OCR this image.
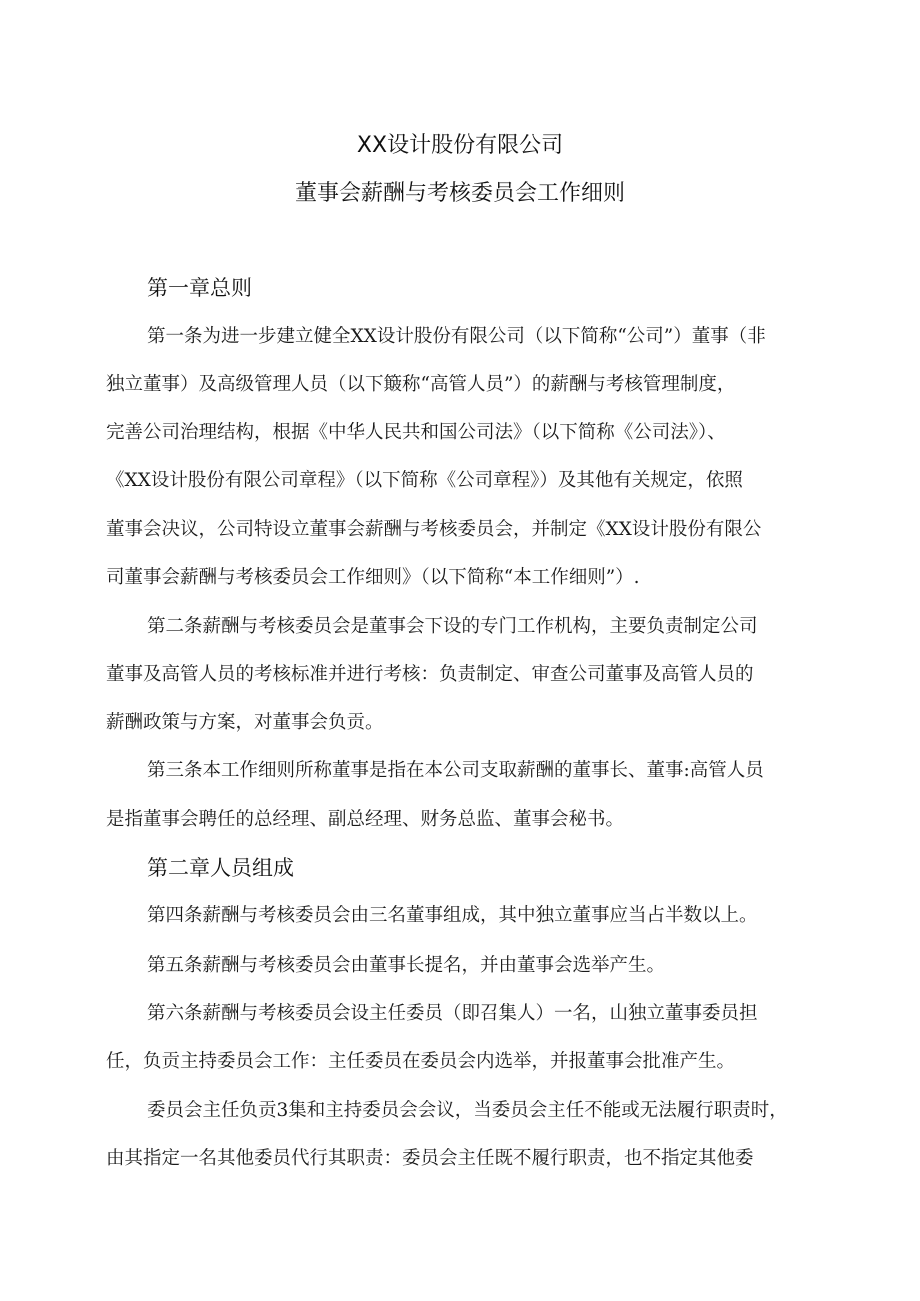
XX设计股份有限公司
董事会薪酬与考核委员会工作细则
第一章总则
第一条为进一步建立健全XX设计股份有限公司（以下简称“公司”）董事（非
独立董事）及高级管理人员（以下簸称“高管人员”）的薪酬与考核管理制度，
完善公司治理结构，根据《中华人民共和国公司法》（以下简称《公司法》）、
《XX设计股份有限公司章程》（以下简称《公司章程》）及其他有关规定，依照
董事会决议，公司特设立董事会薪酬与考核委员会，并制定《XX设计股份有限公
司董事会薪酬与考核委员会工作细则》（以下简称“本工作细则”）.
第二条薪酬与考核委员会是董事会下设的专门工作机构，主要负责制定公司
董事及高管人员的考核标准并进行考核：负责制定、审查公司董事及高管人员的
薪酬政策与方案，对董事会负贡。
第三条本工作细则所称董事是指在本公司支取薪酬的董事长、董事:高管人员
是指董事会聘任的总经理、副总经理、财务总监、董事会秘书。
第二章人员组成
第四条薪酬与考核委员会由三名董事组成，其中独立董事应当占半数以上。
第五条薪酬与考核委员会由董事长提名，并由董事会选举产生。
第六条薪酬与考核委员会设主任委员（即召集人）一名，山独立董事委员担
任，负贡主持委员会工作：主任委员在委员会内选举，并报董事会批准产生。
委员会主任负贡3集和主持委员会会议，当委员会主任不能或无法履行职责时，
由其指定一名其他委员代行其职责：委员会主任既不履行职责，也不指定其他委
